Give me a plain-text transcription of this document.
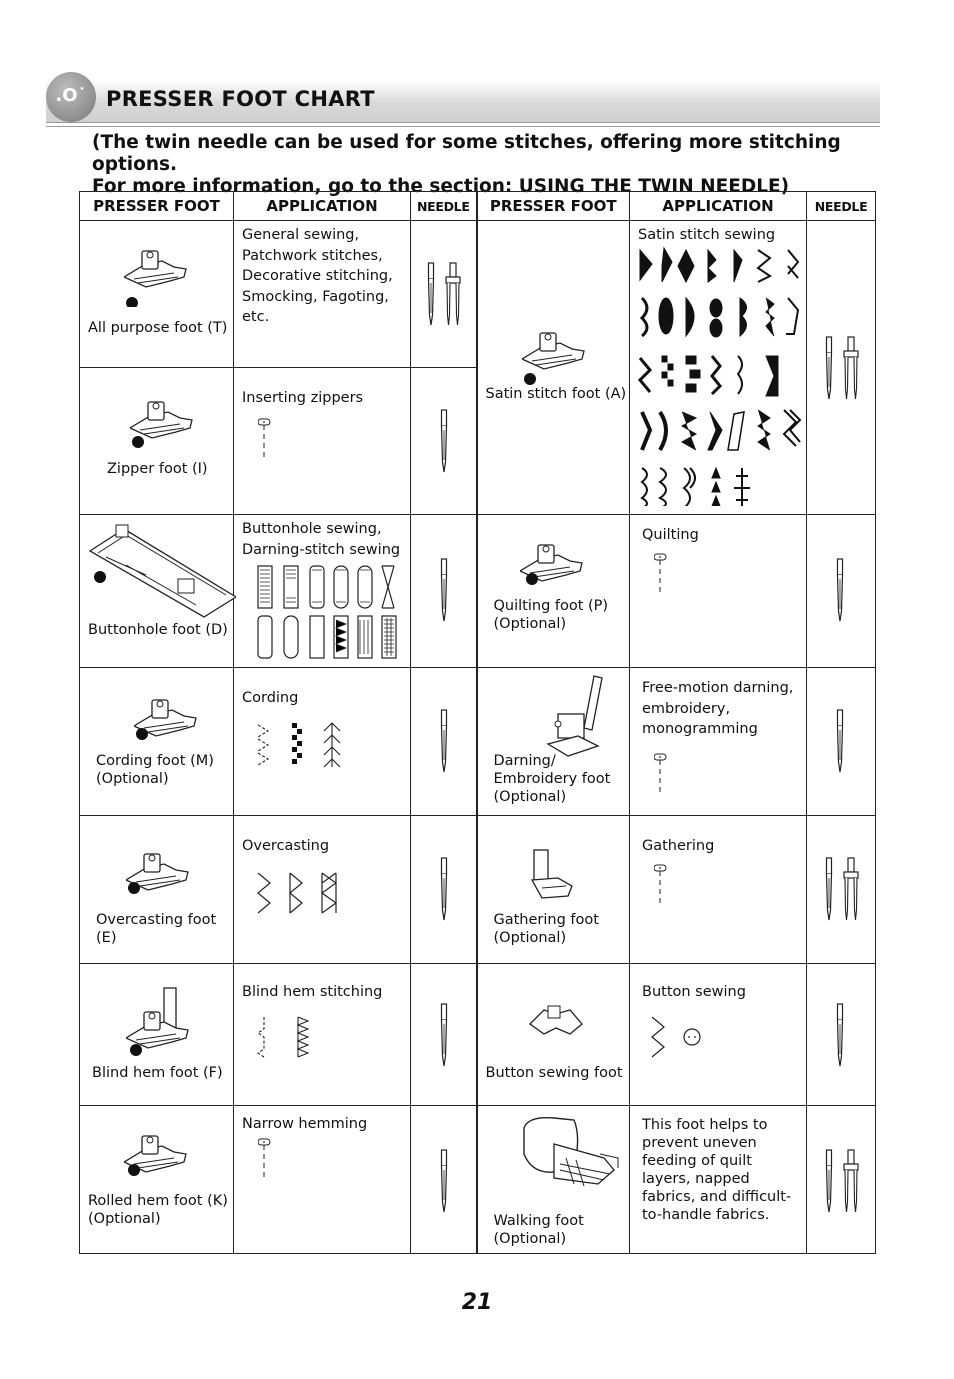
.O˙ PRESSER FOOT CHART
(The twin needle can be used for some stitches, offering more stitching options.
For more information, go to the section: USING THE TWIN NEEDLE)
PRESSER FOOT	APPLICATION	NEEDLE	PRESSER FOOT	APPLICATION	NEEDLE

All purpose foot (T)	General sewing, Patchwork stitches, Decorative stitching, Smocking, Fagoting, etc.		Satin stitch foot (A)	Satin stitch sewing

Zipper foot (I)	Inserting zippers

Buttonhole foot (D)	Buttonhole sewing, Darning-stitch sewing		Quilting foot (P) (Optional)	Quilting

Cording foot (M) (Optional)	Cording		Darning/ Embroidery foot (Optional)	Free-motion darning, embroidery, monogramming

Overcasting foot (E)	Overcasting		Gathering foot (Optional)	Gathering

Blind hem foot (F)	Blind hem stitching		Button sewing foot	Button sewing

Rolled hem foot (K) (Optional)	Narrow hemming		Walking foot (Optional)	This foot helps to prevent uneven feeding of quilt layers, napped fabrics, and difficult-to-handle fabrics.

21
